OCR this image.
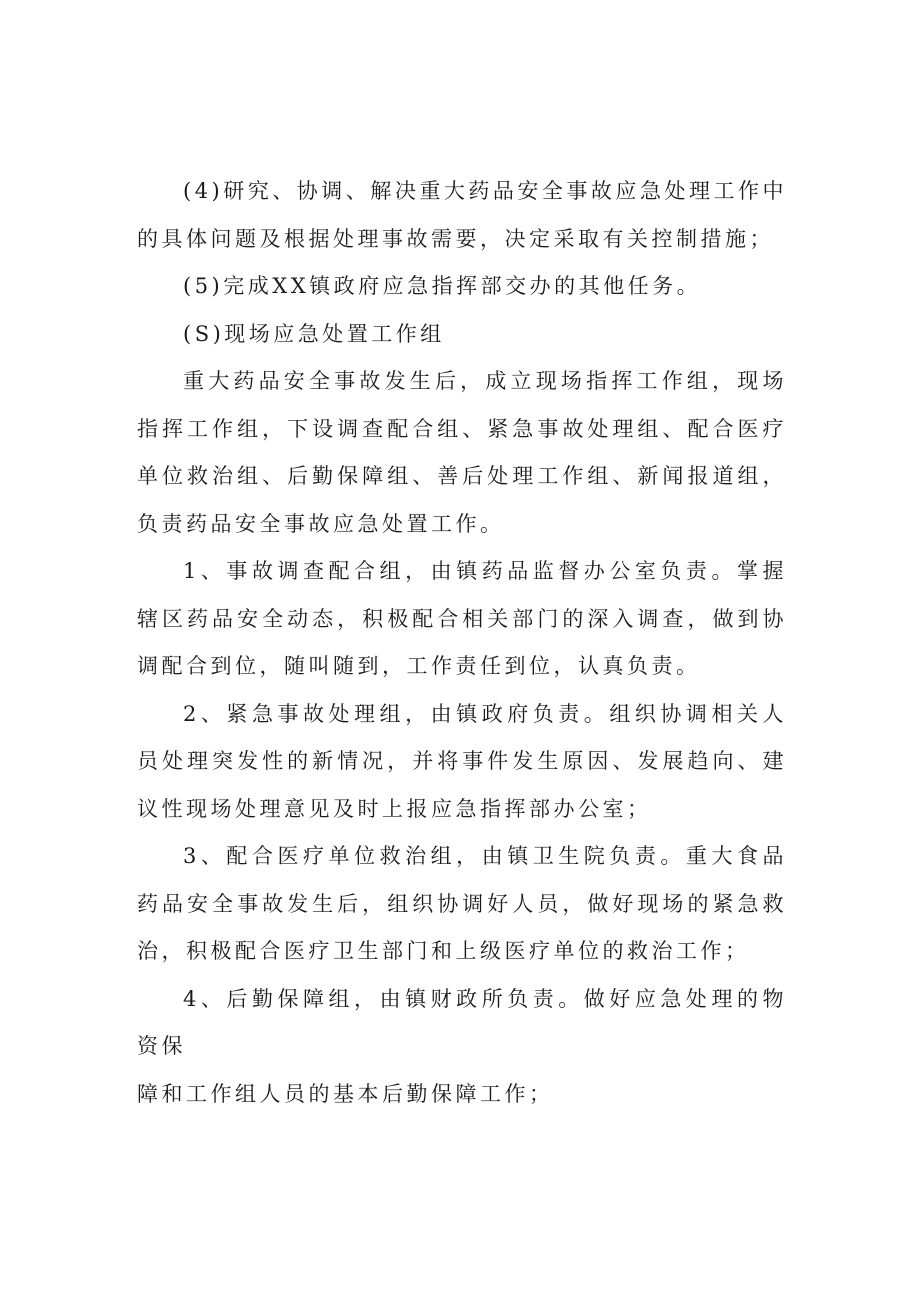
(4)研究、协调、解决重大药品安全事故应急处理工作中的具体问题及根据处理事故需要，决定采取有关控制措施；

(5)完成XX镇政府应急指挥部交办的其他任务。

(S)现场应急处置工作组

重大药品安全事故发生后，成立现场指挥工作组，现场指挥工作组，下设调查配合组、紧急事故处理组、配合医疗单位救治组、后勤保障组、善后处理工作组、新闻报道组，负责药品安全事故应急处置工作。

1、事故调查配合组，由镇药品监督办公室负责。掌握辖区药品安全动态，积极配合相关部门的深入调查，做到协调配合到位，随叫随到，工作责任到位，认真负责。

2、紧急事故处理组，由镇政府负责。组织协调相关人员处理突发性的新情况，并将事件发生原因、发展趋向、建议性现场处理意见及时上报应急指挥部办公室；

3、配合医疗单位救治组，由镇卫生院负责。重大食品药品安全事故发生后，组织协调好人员，做好现场的紧急救治，积极配合医疗卫生部门和上级医疗单位的救治工作；

4、后勤保障组，由镇财政所负责。做好应急处理的物资保

障和工作组人员的基本后勤保障工作；
